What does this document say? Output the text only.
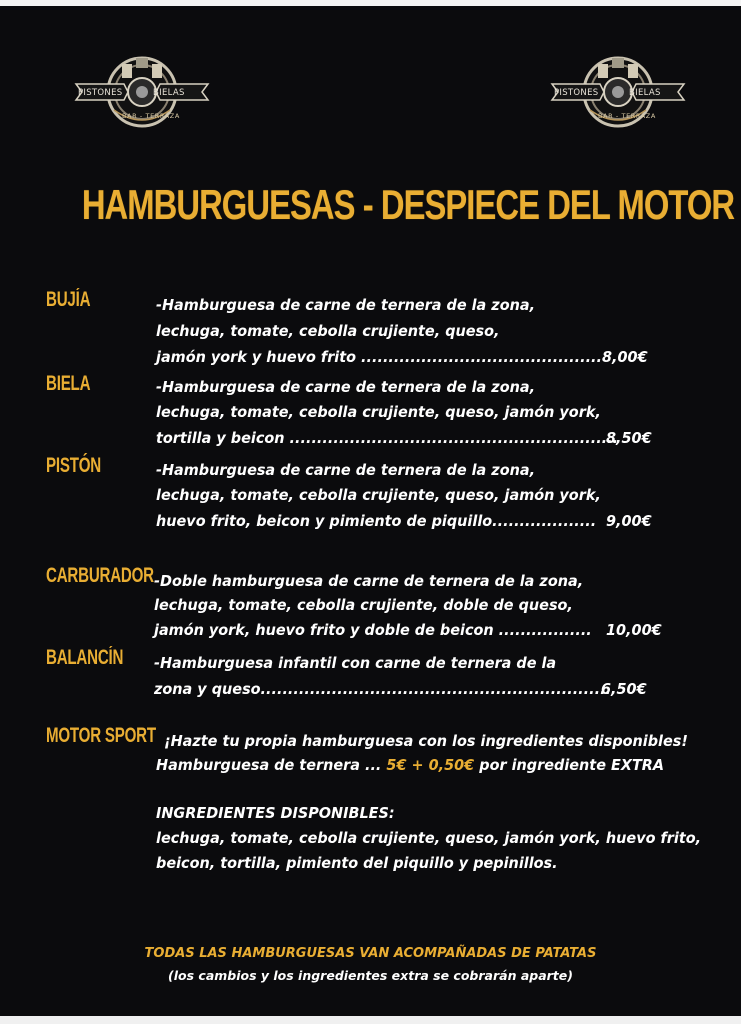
PISTONES	BIELAS
BAR - TERRAZA
PISTONES	BIELAS
BAR - TERRAZA
HAMBURGUESAS - DESPIECE DEL MOTOR
BUJÍA	-Hamburguesa de carne de ternera de la zona,
lechuga, tomate, cebolla crujiente, queso,
jamón york y huevo frito ............................................ 8,00€
BIELA	-Hamburguesa de carne de ternera de la zona,
lechuga, tomate, cebolla crujiente, queso, jamón york,
tortilla y beicon ............................................................
8,50€
PISTÓN	-Hamburguesa de carne de ternera de la zona,
lechuga, tomate, cebolla crujiente, queso, jamón york,
huevo frito, beicon y pimiento de piquillo................... 9,00€
CARBURADOR -Doble hamburguesa de carne de ternera de la zona,
lechuga, tomate, cebolla crujiente, doble de queso,
jamón york, huevo frito y doble de beicon ................. 10,00€
BALANCÍN -Hamburguesa infantil con carne de ternera de la
zona y queso................................................................
6,50€
MOTOR SPORT ¡Hazte tu propia hamburguesa con los ingredientes disponibles!
Hamburguesa de ternera ... 5€ + 0,50€ por ingrediente EXTRA
INGREDIENTES DISPONIBLES:
lechuga, tomate, cebolla crujiente, queso, jamón york, huevo frito,
beicon, tortilla, pimiento del piquillo y pepinillos.
TODAS LAS HAMBURGUESAS VAN ACOMPAÑADAS DE PATATAS
(los cambios y los ingredientes extra se cobrarán aparte)
